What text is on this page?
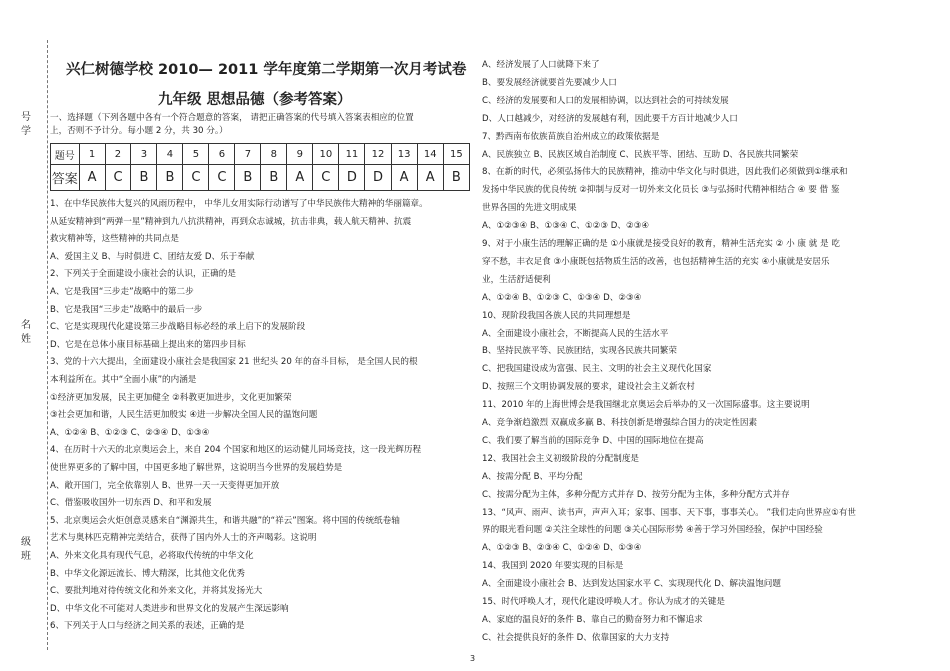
号
学
名
姓
级
班
兴仁树德学校 2010— 2011 学年度第二学期第一次月考试卷
九年级 思想品德（参考答案）
一、选择题（下列各题中各有一个符合题意的答案， 请把正确答案的代号填入答案表相应的位置
上，否则不予计分。每小题 2 分，共 30 分。）
题号	1	2	3	4	5	6	7	8	9	10	11	12	13	14	15
答案	A	C	B	B	C	C	B	B	A	C	D	D	A	A	B
1、在中华民族伟大复兴的风雨历程中， 中华儿女用实际行动谱写了中华民族伟大精神的华丽篇章。
从延安精神到“两弹一星”精神到九八抗洪精神，再到众志诚城，抗击非典，载人航天精神、抗震
救灾精神等，这些精神的共同点是
A、爱国主义 B、与时俱进 C、团结友爱 D、乐于奉献
2、下列关于全面建设小康社会的认识，正确的是
A、它是我国“三步走”战略中的第二步
B、它是我国“三步走”战略中的最后一步
C、它是实现现代化建设第三步战略目标必经的承上启下的发展阶段
D、它是在总体小康目标基础上提出来的第四步目标
3、党的十六大提出，全面建设小康社会是我国家 21 世纪头 20 年的奋斗目标， 是全国人民的根
本利益所在。其中“全面小康”的内涵是
①经济更加发展，民主更加健全 ②科教更加进步，文化更加繁荣
③社会更加和谐，人民生活更加殷实 ④进一步解决全国人民的温饱问题
A、①②④ B、①②③ C、②③④ D、①③④
4、在历时十六天的北京奥运会上，来自 204 个国家和地区的运动健儿同场竞技，这一段光辉历程
使世界更多的了解中国，中国更多地了解世界，这说明当今世界的发展趋势是
A、敞开国门，完全依靠别人 B、世界一天一天变得更加开放
C、借鉴吸收国外一切东西 D、和平和发展
5、北京奥运会火炬创意灵感来自“渊源共生，和谐共融”的“祥云”图案。将中国的传统纸卷轴
艺术与奥林匹克精神完美结合，获得了国内外人士的齐声喝彩。这说明
A、外来文化具有现代气息，必将取代传统的中华文化
B、中华文化源远流长、博大精深，比其他文化优秀
C、要批判地对待传统文化和外来文化，并将其发扬光大
D、中华文化不可能对人类进步和世界文化的发展产生深远影响
6、下列关于人口与经济之间关系的表述，正确的是
A、经济发展了人口就降下来了
B、要发展经济就要首先要减少人口
C、经济的发展要和人口的发展相协调，以达到社会的可持续发展
D、人口越减少，对经济的发展越有利，因此要千方百计地减少人口
7、黔西南布依族苗族自治州成立的政策依据是
A、民族独立 B、民族区域自治制度 C、民族平等、团结、互助 D、各民族共同繁荣
8、在新的时代，必须弘扬伟大的民族精神，推动中华文化与时俱进，因此我们必须做到①继承和
发扬中华民族的优良传统 ②抑制与反对一切外来文化员长 ③与弘扬时代精神相结合 ④ 要 借 鉴
世界各国的先进文明成果
A、①②③④ B、①③④ C、①②③ D、②③④
9、对于小康生活的理解正确的是 ①小康就是接受良好的教育，精神生活充实 ② 小 康 就 是 吃
穿不愁，丰衣足食 ③小康既包括物质生活的改善，也包括精神生活的充实 ④小康就是安居乐
业，生活舒适便利
A、①②④ B、①②③ C、①③④ D、②③④
10、现阶段我国各族人民的共同理想是
A、全面建设小康社会，不断提高人民的生活水平
B、坚持民族平等、民族团结，实现各民族共同繁荣
C、把我国建设成为富强、民主、文明的社会主义现代化国家
D、按照三个文明协调发展的要求，建设社会主义新农村
11、2010 年的上海世博会是我国继北京奥运会后举办的又一次国际盛事。这主要说明
A、竞争渐趋激烈 双赢成多赢 B、科技创新是增强综合国力的决定性因素
C、我们要了解当前的国际竞争 D、中国的国际地位在提高
12、我国社会主义初级阶段的分配制度是
A、按需分配 B、平均分配
C、按需分配为主体，多种分配方式并存 D、按劳分配为主体，多种分配方式并存
13、“风声、雨声、读书声，声声入耳；家事、国事、天下事，事事关心。 ”我们走向世界应①有世
界的眼光看问题 ②关注全球性的问题 ③关心国际形势 ④善于学习外国经验，保护中国经验
A、①②③ B、②③④ C、①②④ D、①③④
14、我国到 2020 年要实现的目标是
A、全面建设小康社会 B、达到发达国家水平 C、实现现代化 D、解决温饱问题
15、时代呼唤人才，现代化建设呼唤人才。你认为成才的关键是
A、家庭的温良好的条件 B、靠自己的勤奋努力和不懈追求
C、社会提供良好的条件 D、依靠国家的大力支持
3
